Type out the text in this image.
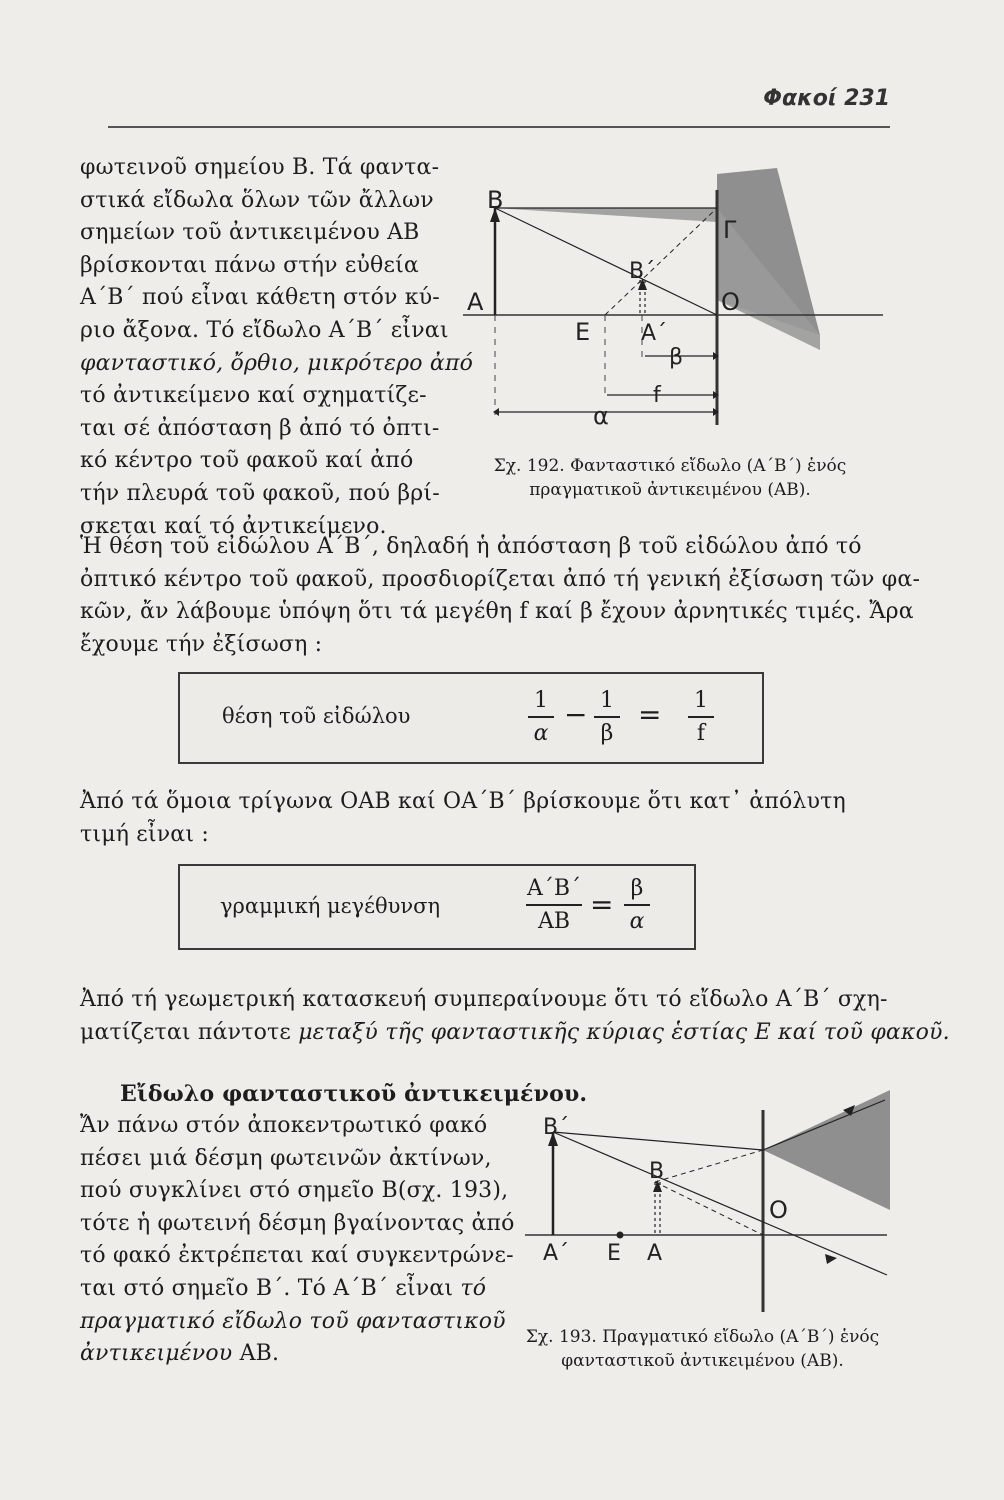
Φακοί 231
φωτεινοῦ σημείου Β. Τά φαντα-
στικά εἴδωλα ὅλων τῶν ἄλλων
σημείων τοῦ ἀντικειμένου ΑΒ
βρίσκονται πάνω στήν εὐθεία
Α΄Β΄ πού εἶναι κάθετη στόν κύ-
ριο ἄξονα. Τό εἴδωλο Α΄Β΄ εἶναι
φανταστικό, ὄρθιο, μικρότερο ἀπό
τό ἀντικείμενο καί σχηματίζε-
ται σέ ἀπόσταση β ἀπό τό ὀπτι-
κό κέντρο τοῦ φακοῦ καί ἀπό
τήν πλευρά τοῦ φακοῦ, πού βρί-
σκεται καί τό ἀντικείμενο.
B
Γ
B΄
A	O
E A΄
β
f
α
Σχ. 192. Φανταστικό εἴδωλο (Α΄Β΄) ἑνός
πραγματικοῦ ἀντικειμένου (ΑΒ).
Ἡ θέση τοῦ εἰδώλου Α΄Β΄, δηλαδή ἡ ἀπόσταση β τοῦ εἰδώλου ἀπό τό
ὀπτικό κέντρο τοῦ φακοῦ, προσδιορίζεται ἀπό τή γενική ἐξίσωση τῶν φα-
κῶν, ἄν λάβουμε ὑπόψη ὅτι τά μεγέθη f καί β ἔχουν ἀρνητικές τιμές. Ἄρα
ἔχουμε τήν ἐξίσωση :
θέση τοῦ εἰδώλου
1
α
− 1
β
= 1
f
Ἀπό τά ὅμοια τρίγωνα ΟΑΒ καί ΟΑ΄Β΄ βρίσκουμε ὅτι κατ᾽ ἀπόλυτη
τιμή εἶναι :
γραμμική μεγέθυνση
Α΄Β΄
ΑΒ
= β
α
Ἀπό τή γεωμετρική κατασκευή συμπεραίνουμε ὅτι τό εἴδωλο Α΄Β΄ σχη-
ματίζεται πάντοτε μεταξύ τῆς φανταστικῆς κύριας ἑστίας Ε καί τοῦ φακοῦ.
Εἴδωλο φανταστικοῦ ἀντικειμένου.
Ἄν πάνω στόν ἀποκεντρωτικό φακό
πέσει μιά δέσμη φωτεινῶν ἀκτίνων,
πού συγκλίνει στό σημεῖο Β(σχ. 193),
τότε ἡ φωτεινή δέσμη βγαίνοντας ἀπό
τό φακό ἐκτρέπεται καί συγκεντρώνε-
ται στό σημεῖο Β΄. Τό Α΄Β΄ εἶναι τό
πραγματικό εἴδωλο τοῦ φανταστικοῦ
ἀντικειμένου ΑΒ.
B΄
B
O
A΄ E A
Σχ. 193. Πραγματικό εἴδωλο (Α΄Β΄) ἑνός
φανταστικοῦ ἀντικειμένου (ΑΒ).
